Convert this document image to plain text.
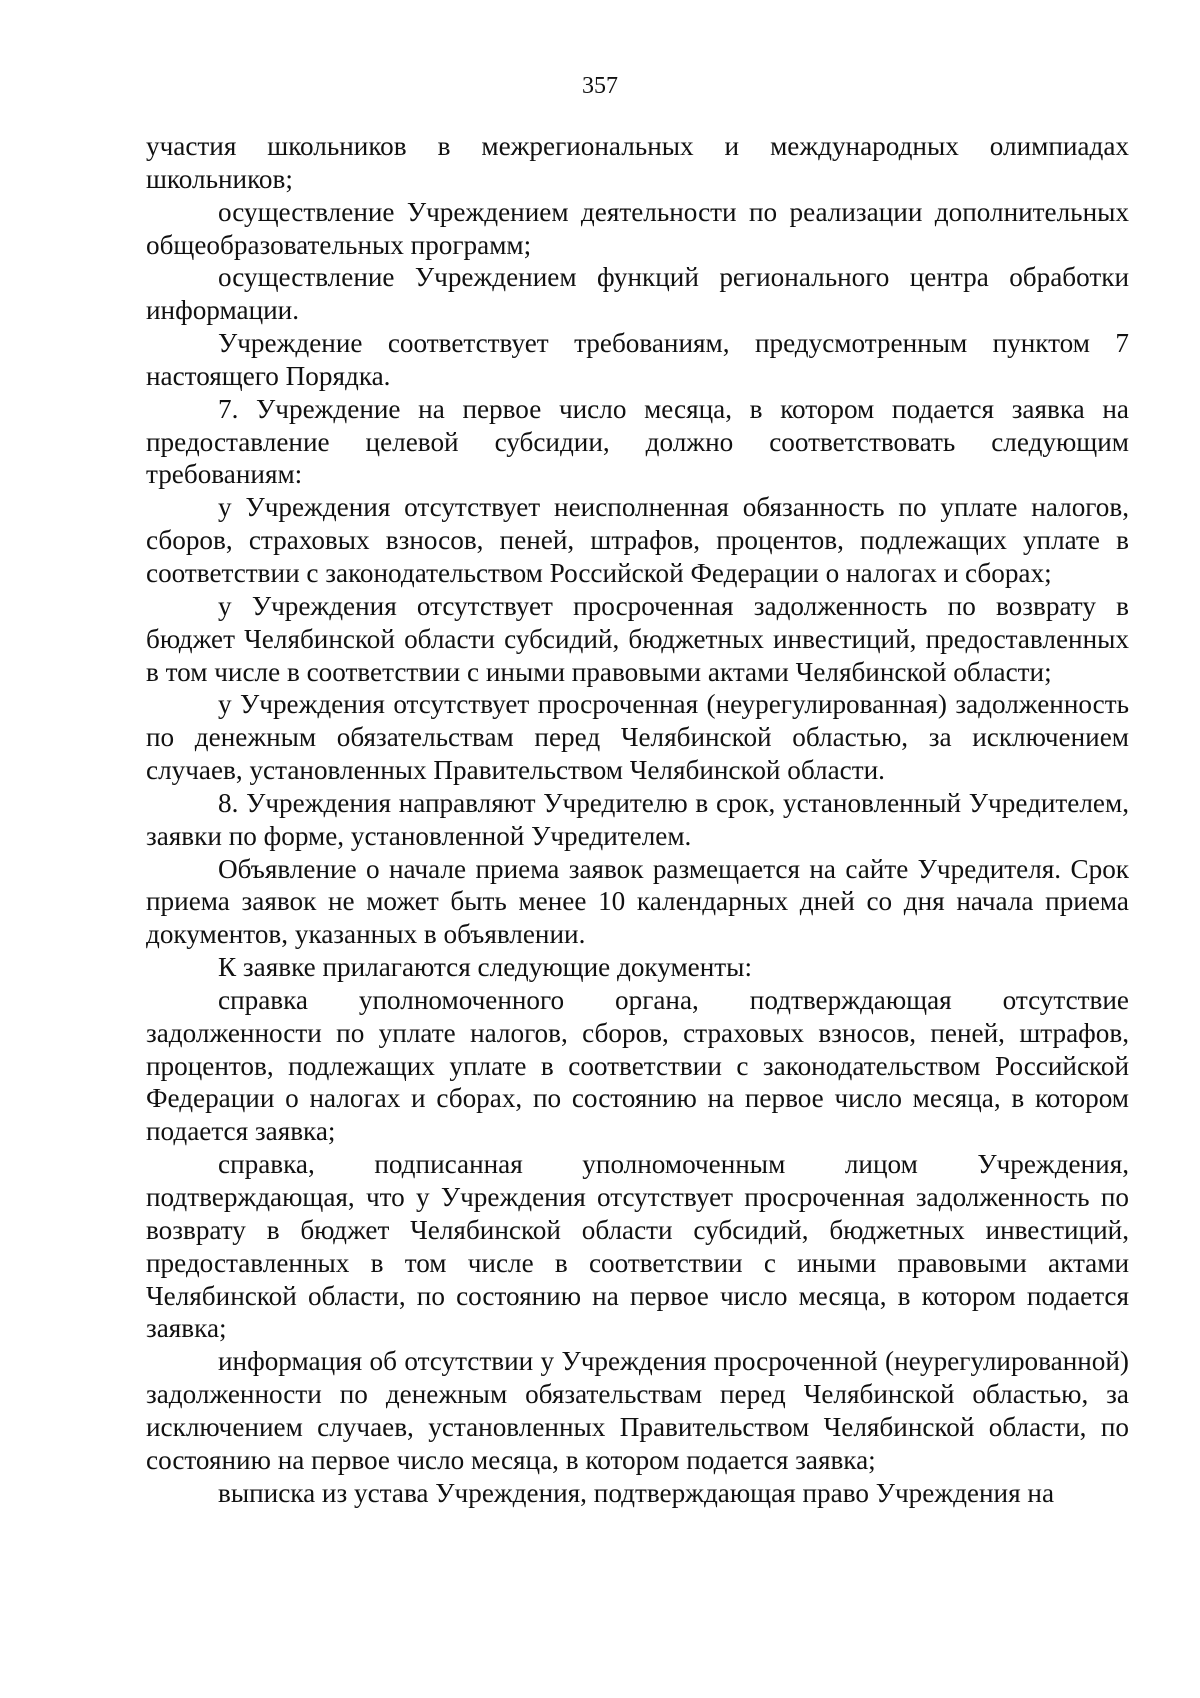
357

участия школьников в межрегиональных и международных олимпиадах школьников;

осуществление Учреждением деятельности по реализации дополнительных общеобразовательных программ;

осуществление Учреждением функций регионального центра обработки информации.

Учреждение соответствует требованиям, предусмотренным пунктом 7 настоящего Порядка.

7. Учреждение на первое число месяца, в котором подается заявка на предоставление целевой субсидии, должно соответствовать следующим требованиям:

у Учреждения отсутствует неисполненная обязанность по уплате налогов, сборов, страховых взносов, пеней, штрафов, процентов, подлежащих уплате в соответствии с законодательством Российской Федерации о налогах и сборах;

у Учреждения отсутствует просроченная задолженность по возврату в бюджет Челябинской области субсидий, бюджетных инвестиций, предоставленных в том числе в соответствии с иными правовыми актами Челябинской области;

у Учреждения отсутствует просроченная (неурегулированная) задолженность по денежным обязательствам перед Челябинской областью, за исключением случаев, установленных Правительством Челябинской области.

8. Учреждения направляют Учредителю в срок, установленный Учредителем, заявки по форме, установленной Учредителем.

Объявление о начале приема заявок размещается на сайте Учредителя. Срок приема заявок не может быть менее 10 календарных дней со дня начала приема документов, указанных в объявлении.

К заявке прилагаются следующие документы:

справка уполномоченного органа, подтверждающая отсутствие задолженности по уплате налогов, сборов, страховых взносов, пеней, штрафов, процентов, подлежащих уплате в соответствии с законодательством Российской Федерации о налогах и сборах, по состоянию на первое число месяца, в котором подается заявка;

справка, подписанная уполномоченным лицом Учреждения, подтверждающая, что у Учреждения отсутствует просроченная задолженность по возврату в бюджет Челябинской области субсидий, бюджетных инвестиций, предоставленных в том числе в соответствии с иными правовыми актами Челябинской области, по состоянию на первое число месяца, в котором подается заявка;

информация об отсутствии у Учреждения просроченной (неурегулированной) задолженности по денежным обязательствам перед Челябинской областью, за исключением случаев, установленных Правительством Челябинской области, по состоянию на первое число месяца, в котором подается заявка;

выписка из устава Учреждения, подтверждающая право Учреждения на
